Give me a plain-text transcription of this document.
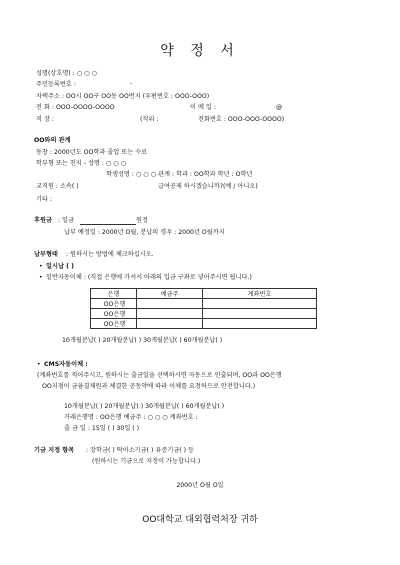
약 정 서
성명(상호명) : ○ ○ ○
주민등록번호 :	-
자택주소 : OO시 OO구 OO동 OO번지 (우편번호 : OOO-OOO)
전 화 : OOO-OOOO-OOOO	이 메 일 :	@
직 장 :	(직위 :	전화번호 : OOO-OOO-OOOO)
OO와의 관계
동창 : 2000년도 OO학과 졸업 또는 수료
학부형 또는 친지 - 성명 : ○ ○ ○
학생성명 : ○ ○ ○ 관계 : 학과 : OO학과 학년 : O학년
교직원 : 소속( )	급여공제 하시겠습니까?(예 / 아니오)
기타 :
후원금 : 일금	원정
납부 예정일 : 2000년 O월, 분납의 경우 : 2000년 O월까지
납부형태 : 원하시는 방법에 체크하십시오.
• 일시납 ( )
• 일반자동이체 : (직접 은행에 가셔서 아래의 입금 구좌로 넣어주시면 됩니다.)
은행	예금주	계좌번호
OO은행		
OO은행		
OO은행		
10개월분납( ) 20개월분납( ) 30개월분납( ) 60개월분납( )
• CMS자동이체 :
(계좌번호를 적어주시고, 원하시는 출금일을 선택하시면 자동으로 인출되며, OO과 OO은행
OO지점이 금융결제원과 체결한 공동약에 따라 이체를 요청하므로 안전합니다.)
10개월분납( ) 20개월분납( ) 30개월분납( ) 60개월분납( )
거래은행명 : OO은행 예금주 : ○ ○ ○ 계좌번호 :
출 금 일 : 15일 ( ) 30일 ( )
기금 지정 항목 : 장학금( ) 탁아소기금( ) 유증기금( ) 등
(원하시는 기금으로 지정이 가능합니다.)
2000년 O월 O일
OO대학교 대외협력처장 귀하
